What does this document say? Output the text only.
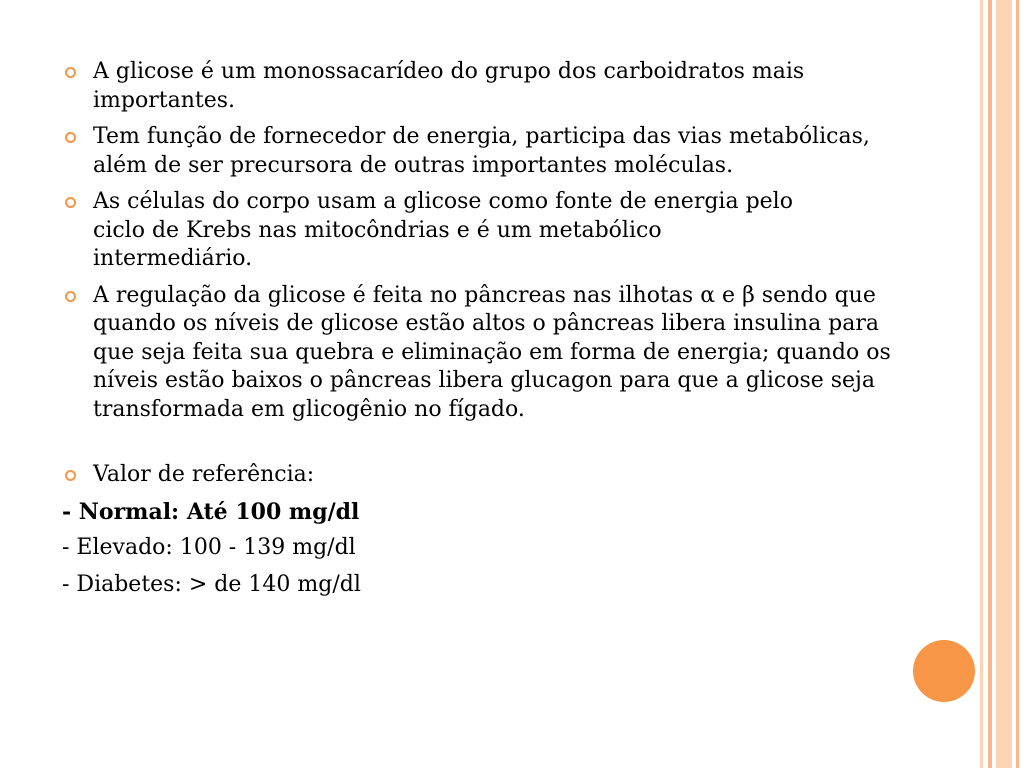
A glicose é um monossacarídeo do grupo dos carboidratos mais importantes.
Tem função de fornecedor de energia, participa das vias metabólicas, além de ser precursora de outras importantes moléculas.
As células do corpo usam a glicose como fonte de energia pelo ciclo de Krebs nas mitocôndrias e é um metabólico intermediário.
A regulação da glicose é feita no pâncreas nas ilhotas α e β sendo que quando os níveis de glicose estão altos o pâncreas libera insulina para que seja feita sua quebra e eliminação em forma de energia; quando os níveis estão baixos o pâncreas libera glucagon para que a glicose seja transformada em glicogênio no fígado.
Valor de referência:
- Normal: Até 100 mg/dl
- Elevado: 100 - 139 mg/dl
- Diabetes: > de 140 mg/dl
